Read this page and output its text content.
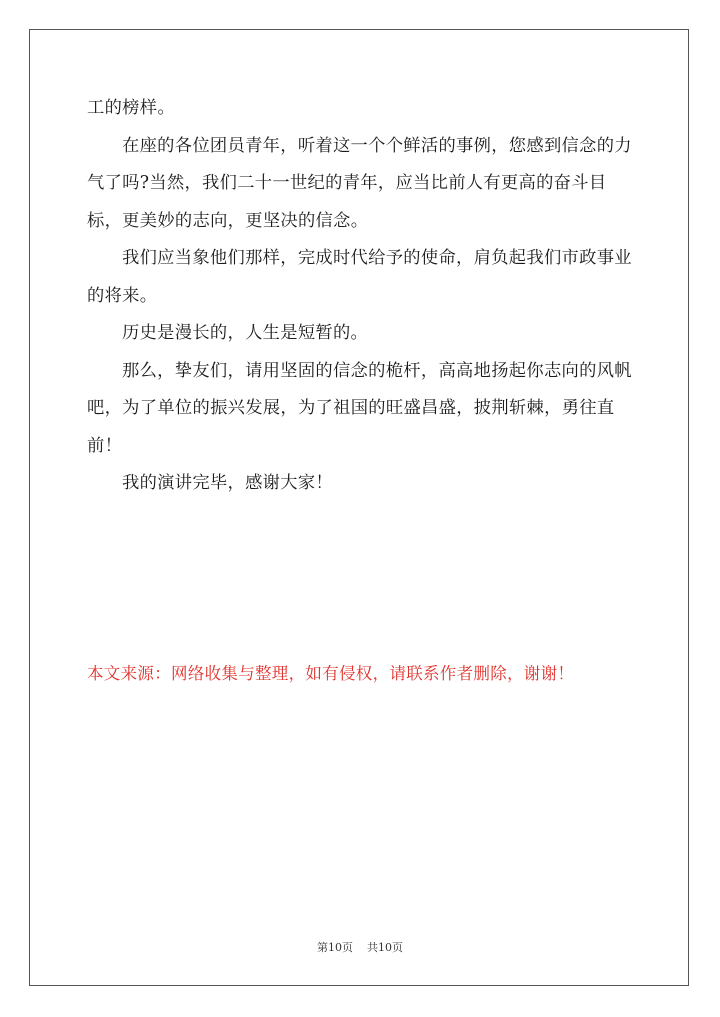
工的榜样。

在座的各位团员青年，听着这一个个鲜活的事例，您感到信念的力气了吗?当然，我们二十一世纪的青年，应当比前人有更高的奋斗目标，更美妙的志向，更坚决的信念。

我们应当象他们那样，完成时代给予的使命，肩负起我们市政事业的将来。

历史是漫长的，人生是短暂的。

那么，挚友们，请用坚固的信念的桅杆，高高地扬起你志向的风帆吧，为了单位的振兴发展，为了祖国的旺盛昌盛，披荆斩棘，勇往直前！

我的演讲完毕，感谢大家！

本文来源：网络收集与整理，如有侵权，请联系作者删除，谢谢！
第10页 共10页
